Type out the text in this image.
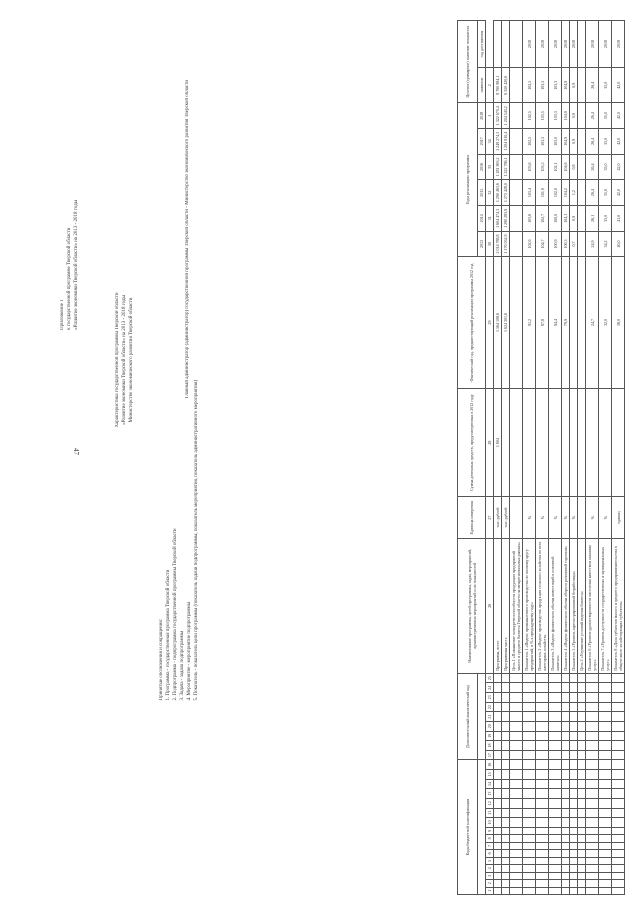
47
Приложение 1 к государственной программе Тверской области «Развитие экономики Тверской области» на 2013 - 2018 годы
Характеристика государственной программы Тверской области «Развитие экономики Тверской области» на 2013 - 2018 годы Министерство экономического развития Тверской области	Главный администратор (администратор) государственной программы Тверской области - Министерство экономического развития Тверской области
Принятые обозначения и сокращения: 1. Программа - государственная программа Тверской области 2. Подпрограмма - подпрограмма государственной программы Тверской области 3. Задача - задача подпрограммы 4. Мероприятие - мероприятие подпрограммы 5. Показатель - показатель цели программы (показатель задачи подпрограммы, показатель мероприятия, показатель административного мероприятия)
Коды бюджетной классификации																Дополнительный аналитический код									Наименование программы, целей программы, задач, мероприятий, административных мероприятий и их показателей	Единица измерения	Сумма денежных средств, предусмотренных в 2012 году	Фактический год, предшествующий реализации программы 2012 год	Годы реализации программы						Целевое (суммарное) значение показателя	
																													2013	2014	2015	2016	2017	2018	значение	год достижения
1	2	3	4	5	6	7	8	9	10	11	12	13	14	15	16	17	18	19	20	21	22	23	24	25	26	27	28	29	30	31	32	33	34	1	2	
																									Программа, всего	тыс. рублей	1 604	1 564 108,6	2 014 788,8	1 604 474,3	1 290 463,6	1 281 963,2	1 249 274,3	1 322 670,4	8 760 984,1	
																									Программная часть	тыс. рублей		1 624 301,6	1 176 052,9	1 290 283,9	1 273 428,0	1 222 786,1	1 204 910,4	1 204 543,2	6 350 420,6	
																									Цель 1 «Повышение конкурентоспособности продукции предприятий малого и среднего бизнеса Тверской области на межрегиональных рынках»											
																									Показатель 1 «Индекс промышленного производства по полному кругу предприятий, в % к предыдущему году»	%		91,2	102,6	103,6	103,4	103,6	102,5	102,5	102,5	2018
																									Показатель 2 «Индекс производства продукции сельского хозяйства во всех категориях хозяйств»	%		87,8	104,7	102,7	101,9	103,5	103,5	103,5	103,5	2018
																									Показатель 3 «Индекс физического объема инвестиций в основной капитал»	%		94,4	100,9	100,0	102,0	102,1	103,0	103,3	103,3	2018
																									Показатель 4 «Индекс физического объема оборота розничной торговли»	%		79,9	106,3	104,1	104,2	104,6	104,9	104,9	104,9	2018
																									Показатель 5 «Уровень зарегистрированной безработицы»	%			0,7	0,9	1,2	0,8	0,9	0,9	0,9	2018
																									Цель 2 «Улучшение условий ведения бизнеса»											
																									Показатель 6 «Уровень удовлетворенности населения качеством оказания услуг»	%		24,7	24,9	26,1	26,4	26,4	26,4	26,4	26,4	2018
																									Показатель 7 «Уровень доступности государственных и муниципальных услуг»	%		32,0	34,2	35,0	35,0	35,0	35,0	35,0	35,0	2018
																									Показатель 8 «Доля субъектов малого и среднего предпринимательства в общем числе хозяйствующих субъектов»	единиц		38,0	40,0	41,0	42,0	42,0	42,0	42,0	42,0	2018
